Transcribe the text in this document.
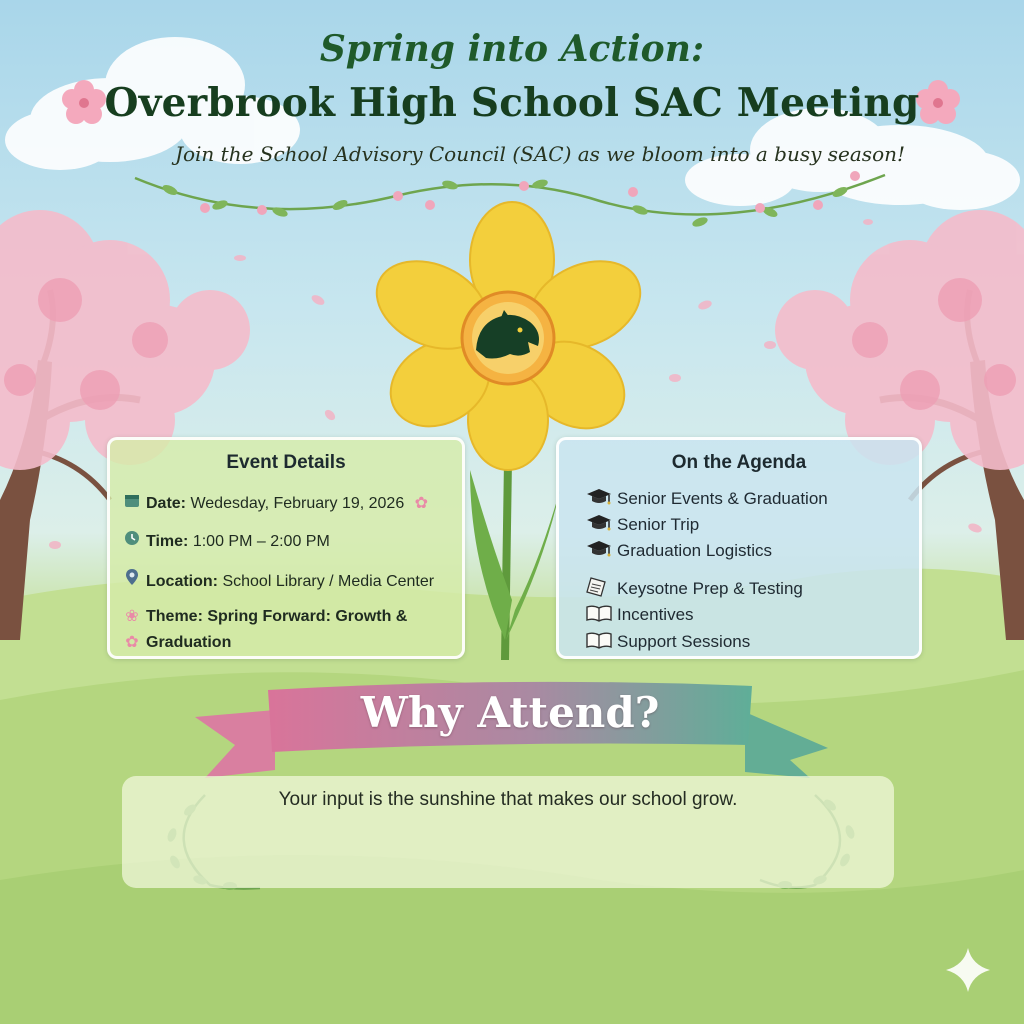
Spring into Action:
Overbrook High School SAC Meeting
Join the School Advisory Council (SAC) as we bloom into a busy season!
Event Details
Date: Wedesday, February 19, 2026 ✿
Time: 1:00 PM – 2:00 PM
Location: School Library / Media Center
❀ Theme: Spring Forward: Growth &
✿ Graduation
On the Agenda
Senior Events & Graduation
Senior Trip
Graduation Logistics
Keysotne Prep & Testing
Incentives
Support Sessions
Why Attend?

Your input is the sunshine that makes our school grow.
